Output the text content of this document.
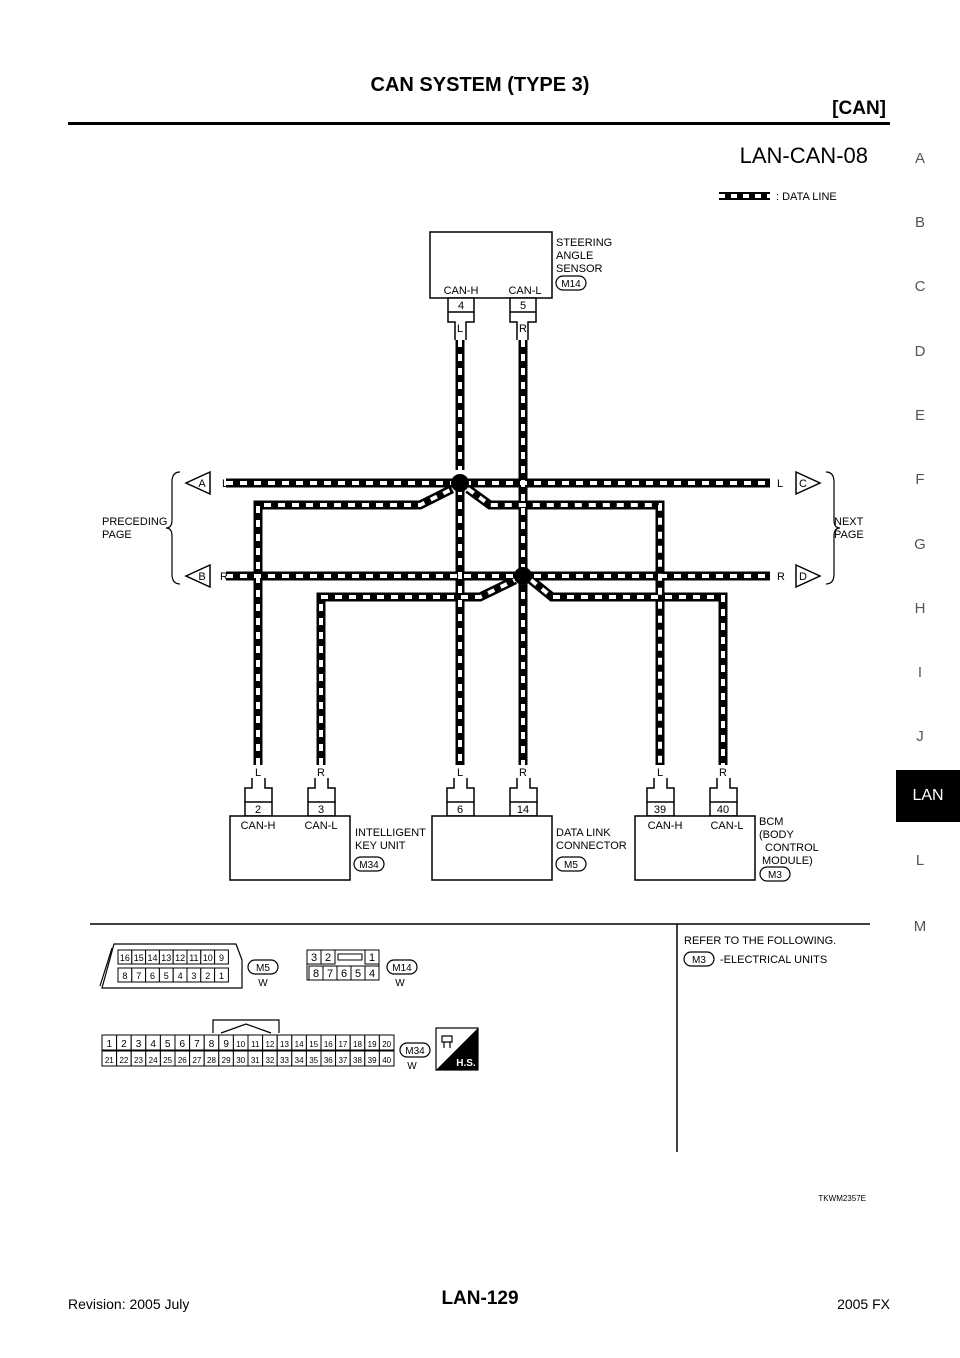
CAN SYSTEM (TYPE 3)
[CAN]
A
B
C
D
E
F
G
H
I
J
LAN
L
M
LAN-CAN-08
: DATA LINE
CAN-H	CAN-L
4	5
L	R
STEERING
ANGLE
SENSOR
M14
A
B
L
R
PRECEDING
PAGE
C
D
L
R
NEXT
PAGE
L	R	L	R	L	R
2	3
CAN-H	CAN-L
INTELLIGENT
KEY UNIT
M34
6	14
DATA LINK
CONNECTOR
M5
39	40
CAN-H	CAN-L BCM
(BODY
CONTROL
MODULE)
M3
16 15 14 13 12 11 10 9
8 7 6 5 4 3 2 1
M5
W
3 2	1
8 7 6 5 4 M14
W
1 2 3 4 5 6 7 8 9 10 11 12 13 14 15 16 17 18 19 20
21 22 23 24 25 26 27 28 29 30 31 32 33 34 35 36 37 38 39 40
M34
W	H.S.
REFER TO THE FOLLOWING.
M3 -ELECTRICAL UNITS
TKWM2357E
Revision: 2005 July	LAN-129	2005 FX
